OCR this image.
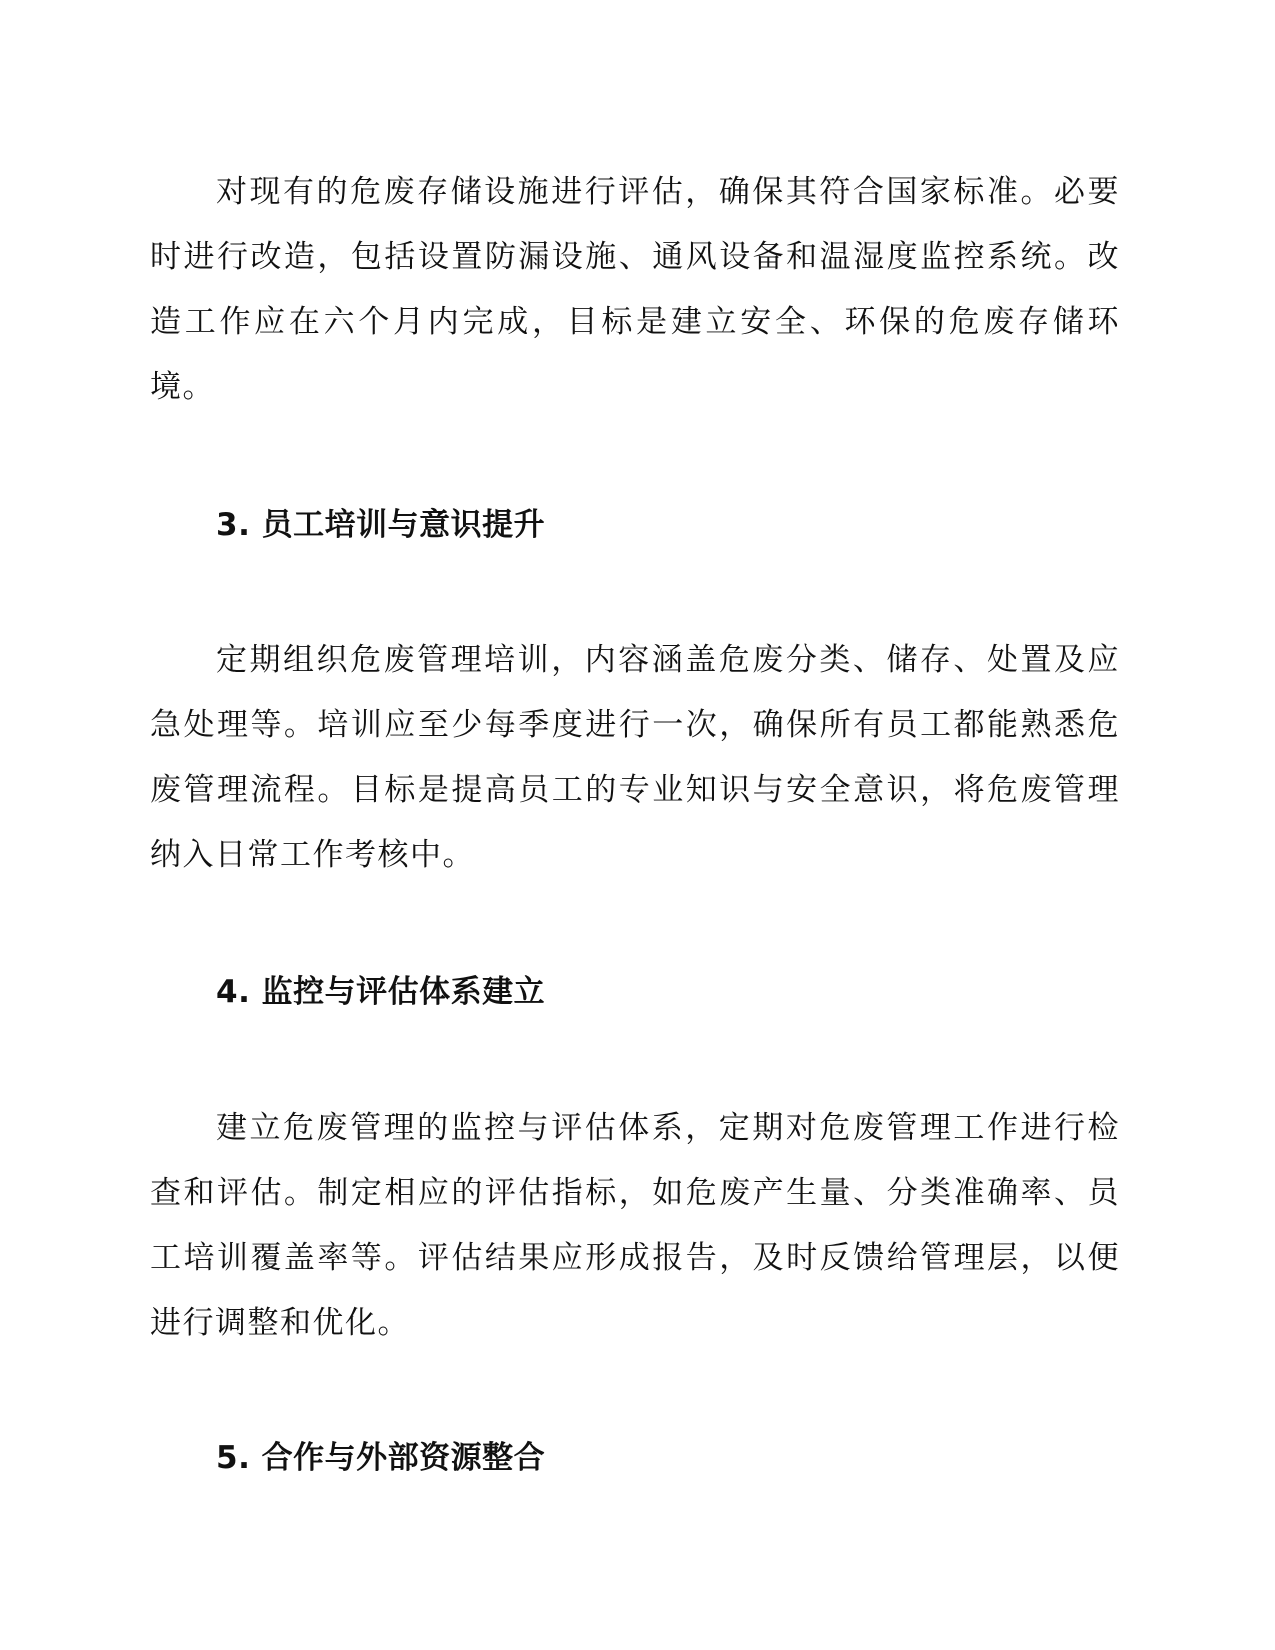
对现有的危废存储设施进行评估，确保其符合国家标准。必要时进行改造，包括设置防漏设施、通风设备和温湿度监控系统。改造工作应在六个月内完成，目标是建立安全、环保的危废存储环境。

3. 员工培训与意识提升

定期组织危废管理培训，内容涵盖危废分类、储存、处置及应急处理等。培训应至少每季度进行一次，确保所有员工都能熟悉危废管理流程。目标是提高员工的专业知识与安全意识，将危废管理纳入日常工作考核中。

4. 监控与评估体系建立

建立危废管理的监控与评估体系，定期对危废管理工作进行检查和评估。制定相应的评估指标，如危废产生量、分类准确率、员工培训覆盖率等。评估结果应形成报告，及时反馈给管理层，以便进行调整和优化。

5. 合作与外部资源整合
